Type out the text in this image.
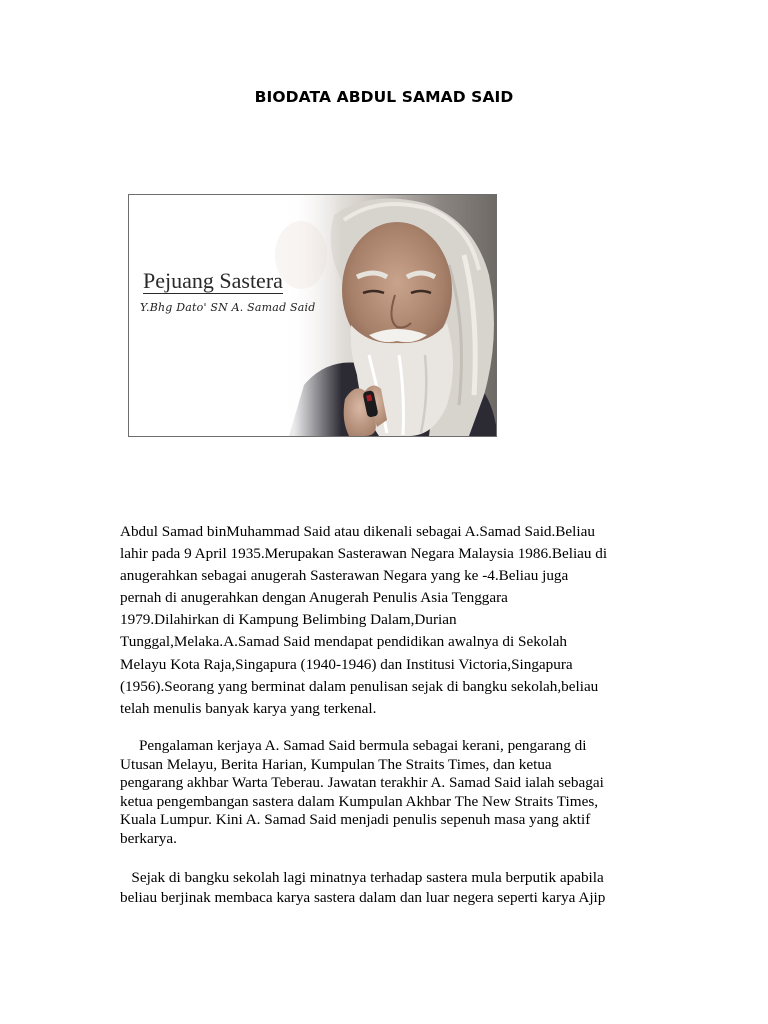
BIODATA ABDUL SAMAD SAID
Pejuang Sastera
Y.Bhg Dato' SN A. Samad Said

Abdul Samad binMuhammad Said atau dikenali sebagai A.Samad Said.Beliau
lahir pada 9 April 1935.Merupakan Sasterawan Negara Malaysia 1986.Beliau di
anugerahkan sebagai anugerah Sasterawan Negara yang ke -4.Beliau juga
pernah di anugerahkan dengan Anugerah Penulis Asia Tenggara
1979.Dilahirkan di Kampung Belimbing Dalam,Durian
Tunggal,Melaka.A.Samad Said mendapat pendidikan awalnya di Sekolah
Melayu Kota Raja,Singapura (1940-1946) dan Institusi Victoria,Singapura
(1956).Seorang yang berminat dalam penulisan sejak di bangku sekolah,beliau
telah menulis banyak karya yang terkenal.

Pengalaman kerjaya A. Samad Said bermula sebagai kerani, pengarang di
Utusan Melayu, Berita Harian, Kumpulan The Straits Times, dan ketua
pengarang akhbar Warta Teberau. Jawatan terakhir A. Samad Said ialah sebagai
ketua pengembangan sastera dalam Kumpulan Akhbar The New Straits Times,
Kuala Lumpur. Kini A. Samad Said menjadi penulis sepenuh masa yang aktif
berkarya.

Sejak di bangku sekolah lagi minatnya terhadap sastera mula berputik apabila
beliau berjinak membaca karya sastera dalam dan luar negera seperti karya Ajip
